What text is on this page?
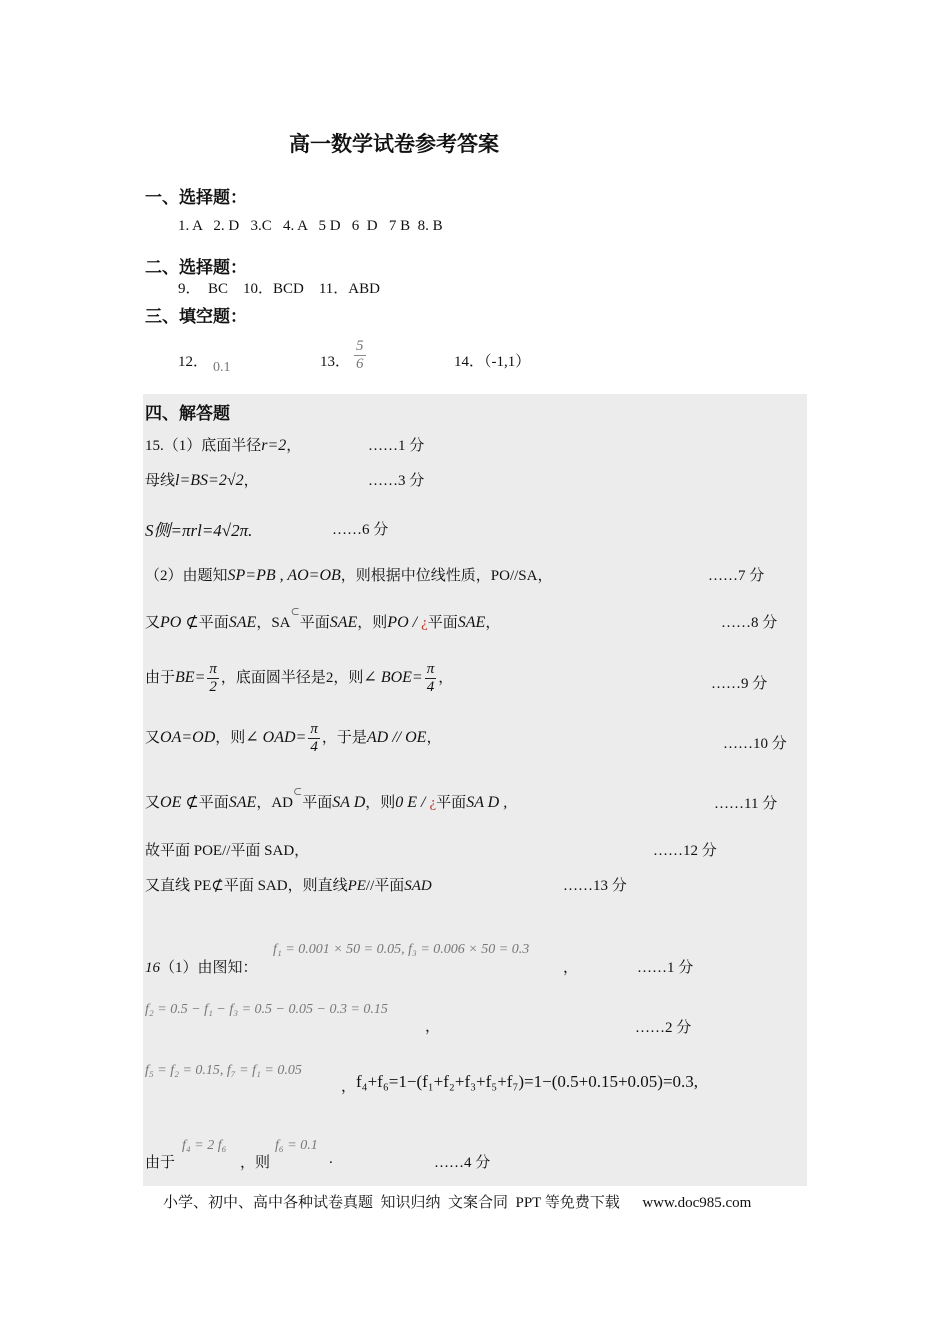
高一数学试卷参考答案
一、选择题：
1. A   2. D   3.C   4. A   5 D   6  D   7 B  8. B
二、选择题：
9．  BC    10．BCD    11．ABD
三、填空题：
12． 0.1	13． $\frac{5}{6}$	14．（-1,1）
四、解答题
15.（1）底面半径r=2，	……1 分
母线l=BS=2√2，	……3 分
S侧=πrl=4√2π.	……6 分
（2）由题知SP=PB , AO=OB，则根据中位线性质，PO//SA，	……7 分
又PO ⊄平面SAE，SA⊂平面SAE，则PO / ¿平面SAE，	……8 分
由于$BE= \frac{\pi}{2}$ ，底面圆半径是2，则∠ $BOE= \frac{\pi}{4}$ ，	……9 分
又OA=OD，则∠ $OAD= \frac{\pi}{4}$ ，于是AD // OE，	……10 分
又OE ⊄平面SAE，AD⊂平面SA D，则0 E / ¿平面SA D ,	……11 分
故平面 POE//平面 SAD，	……12 分
又直线 PE⊄平面 SAD，则直线PE//平面SAD	……13 分
16（1）由图知：
f₁ = 0.001 × 50 = 0.05, f₃ = 0.006 × 50 = 0.3
，	……1 分
f₂ = 0.5 − f₁ − f₃ = 0.5 − 0.05 − 0.3 = 0.15
，	……2 分
f₅ = f₂ = 0.15, f₇ = f₁ = 0.05
， f₄+f₆=1−(f₁+f₂+f₃+f₅+f₇)=1−(0.5+0.15+0.05)=0.3,
由于
f₄ = 2 f₆
，则
f₆ = 0.1
.	……4 分
小学、初中、高中各种试卷真题  知识归纳  文案合同  PPT 等免费下载      www.doc985.com
